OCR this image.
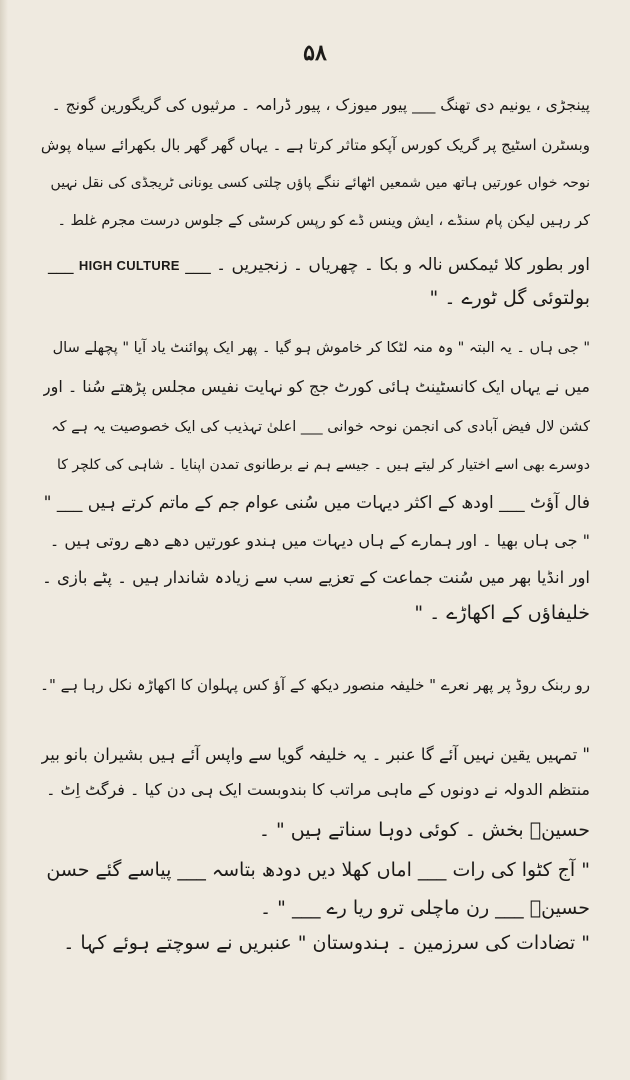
۵۸
پینجڑی ، یونیم دی تھنگ ___ پیور میوزک ، پیور ڈرامہ ۔ مرثیوں کی گریگورین گونج ۔
وبسٹرن اسٹیج پر گریک کورس آپکو متاثر کرتا ہے ۔ یہاں گھر گھر بال بکھرائے سیاہ پوش
نوحہ خواں عورتیں ہاتھ میں شمعیں اٹھائے ننگے پاؤں چلتی کسی یونانی ٹریجڈی کی نقل نہیں
کر رہیں لیکن پام سنڈے ، ایش وینس ڈے کو رپس کرسٹی کے جلوس درست مجرم غلط ۔
اور بطور کلا ئیمکس نالہ و بکا ۔ چھریاں ۔ زنجیریں ۔ ___ HIGH CULTURE ___
بولتوئی گل ٹورے ۔ "
" جی ہاں ۔ یہ البتہ " وہ منہ لٹکا کر خاموش ہو گیا ۔ پھر ایک پوائنٹ یاد آیا " پچھلے سال
میں نے یہاں ایک کانسٹینٹ ہائی کورٹ جج کو نہایت نفیس مجلس پڑھتے سُنا ۔ اور
کشن لال فیض آبادی کی انجمن نوحہ خوانی ___ اعلیٰ تہذیب کی ایک خصوصیت یہ ہے کہ
دوسرے بھی اسے اختیار کر لیتے ہیں ۔ جیسے ہم نے برطانوی تمدن اپنایا ۔ شاہی کی کلچر کا
فال آؤٹ ___ اودھ کے اکثر دیہات میں سُنی عوام جم کے ماتم کرتے ہیں ___ "
" جی ہاں بھیا ۔ اور ہمارے کے ہاں دیہات میں ہندو عورتیں دھے دھے روتی ہیں ۔
اور انڈیا بھر میں سُنت جماعت کے تعزیے سب سے زیادہ شاندار ہیں ۔ پٹے بازی ۔
خلیفاؤں کے اکھاڑے ۔ "
رو ربنک روڈ پر پھر نعرے " خلیفہ منصور دیکھ کے آؤ کس پہلوان کا اکھاڑہ نکل رہا ہے "۔
" تمہیں یقین نہیں آئے گا عنبر ۔ یہ خلیفہ گویا سے واپس آئے ہیں بشیران بانو بیر
منتظم الدولہ نے دونوں کے ماہی مراتب کا بندوبست ایک ہی دن کیا ۔ فرگٹ اِٹ ۔
حسینؑ بخش ۔ کوئی دوہا سناتے ہیں " ۔
" آج کٹوا کی رات ___ اماں کھلا دیں دودھ بتاسہ ___ پیاسے گئے حسن
حسینؑ ___ رن ماچلی ترو ریا رے ___ " ۔
" تضادات کی سرزمین ۔ ہندوستان " عنبریں نے سوچتے ہوئے کہا ۔
